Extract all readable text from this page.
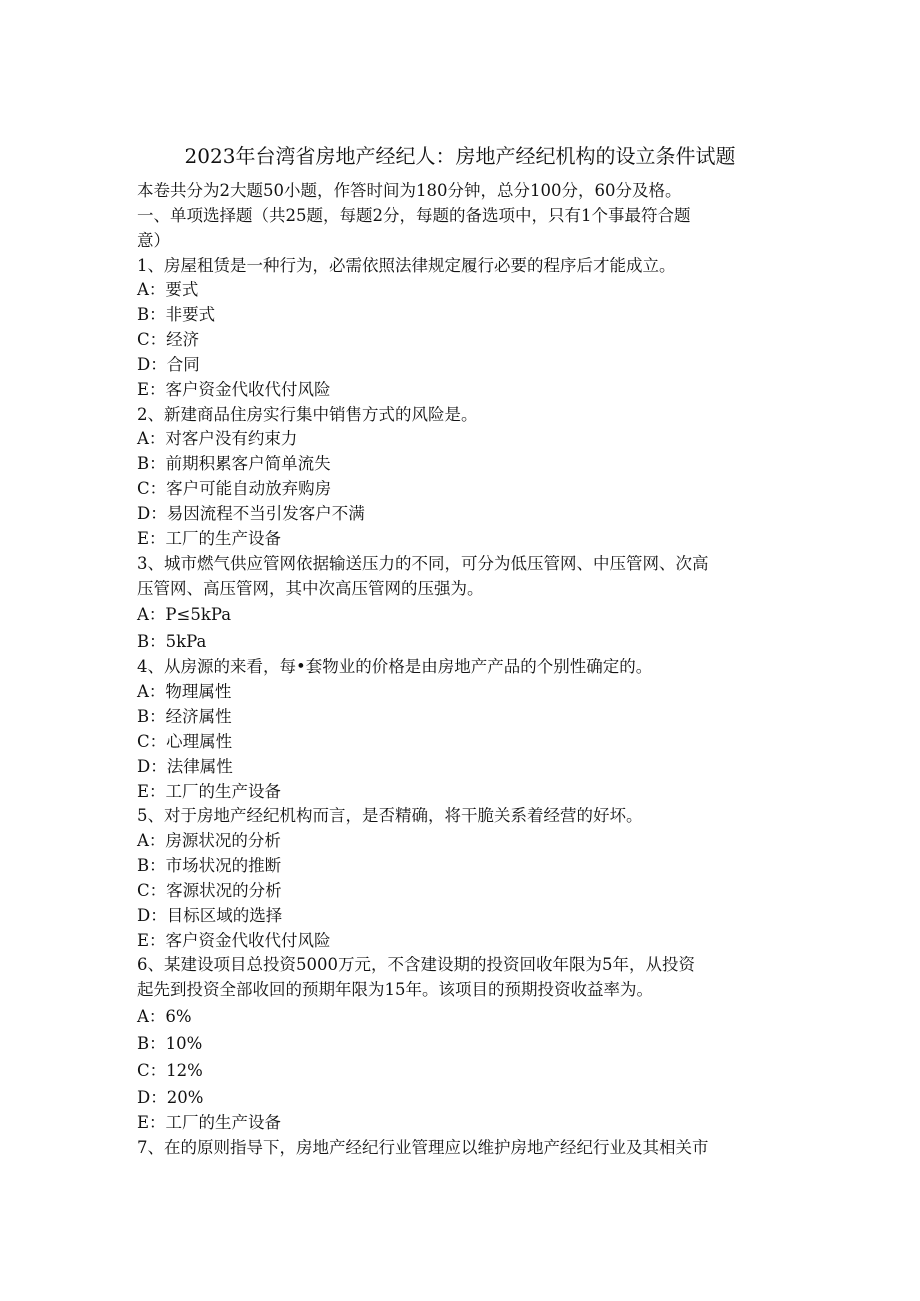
2023年台湾省房地产经纪人：房地产经纪机构的设立条件试题
本卷共分为2大题50小题，作答时间为180分钟，总分100分，60分及格。
一、单项选择题（共25题，每题2分，每题的备选项中，只有1个事最符合题
意）
1、房屋租赁是一种行为，必需依照法律规定履行必要的程序后才能成立。
A：要式
B：非要式
C：经济
D：合同
E：客户资金代收代付风险
2、新建商品住房实行集中销售方式的风险是。
A：对客户没有约束力
B：前期积累客户简单流失
C：客户可能自动放弃购房
D：易因流程不当引发客户不满
E：工厂的生产设备
3、城市燃气供应管网依据输送压力的不同，可分为低压管网、中压管网、次高
压管网、高压管网，其中次高压管网的压强为。
A：P≤5kPa
B：5kPa
4、从房源的来看，每•套物业的价格是由房地产产品的个别性确定的。
A：物理属性
B：经济属性
C：心理属性
D：法律属性
E：工厂的生产设备
5、对于房地产经纪机构而言，是否精确，将干脆关系着经营的好坏。
A：房源状况的分析
B：市场状况的推断
C：客源状况的分析
D：目标区域的选择
E：客户资金代收代付风险
6、某建设项目总投资5000万元，不含建设期的投资回收年限为5年，从投资
起先到投资全部收回的预期年限为15年。该项目的预期投资收益率为。
A：6%
B：10%
C：12%
D：20%
E：工厂的生产设备
7、在的原则指导下，房地产经纪行业管理应以维护房地产经纪行业及其相关市
